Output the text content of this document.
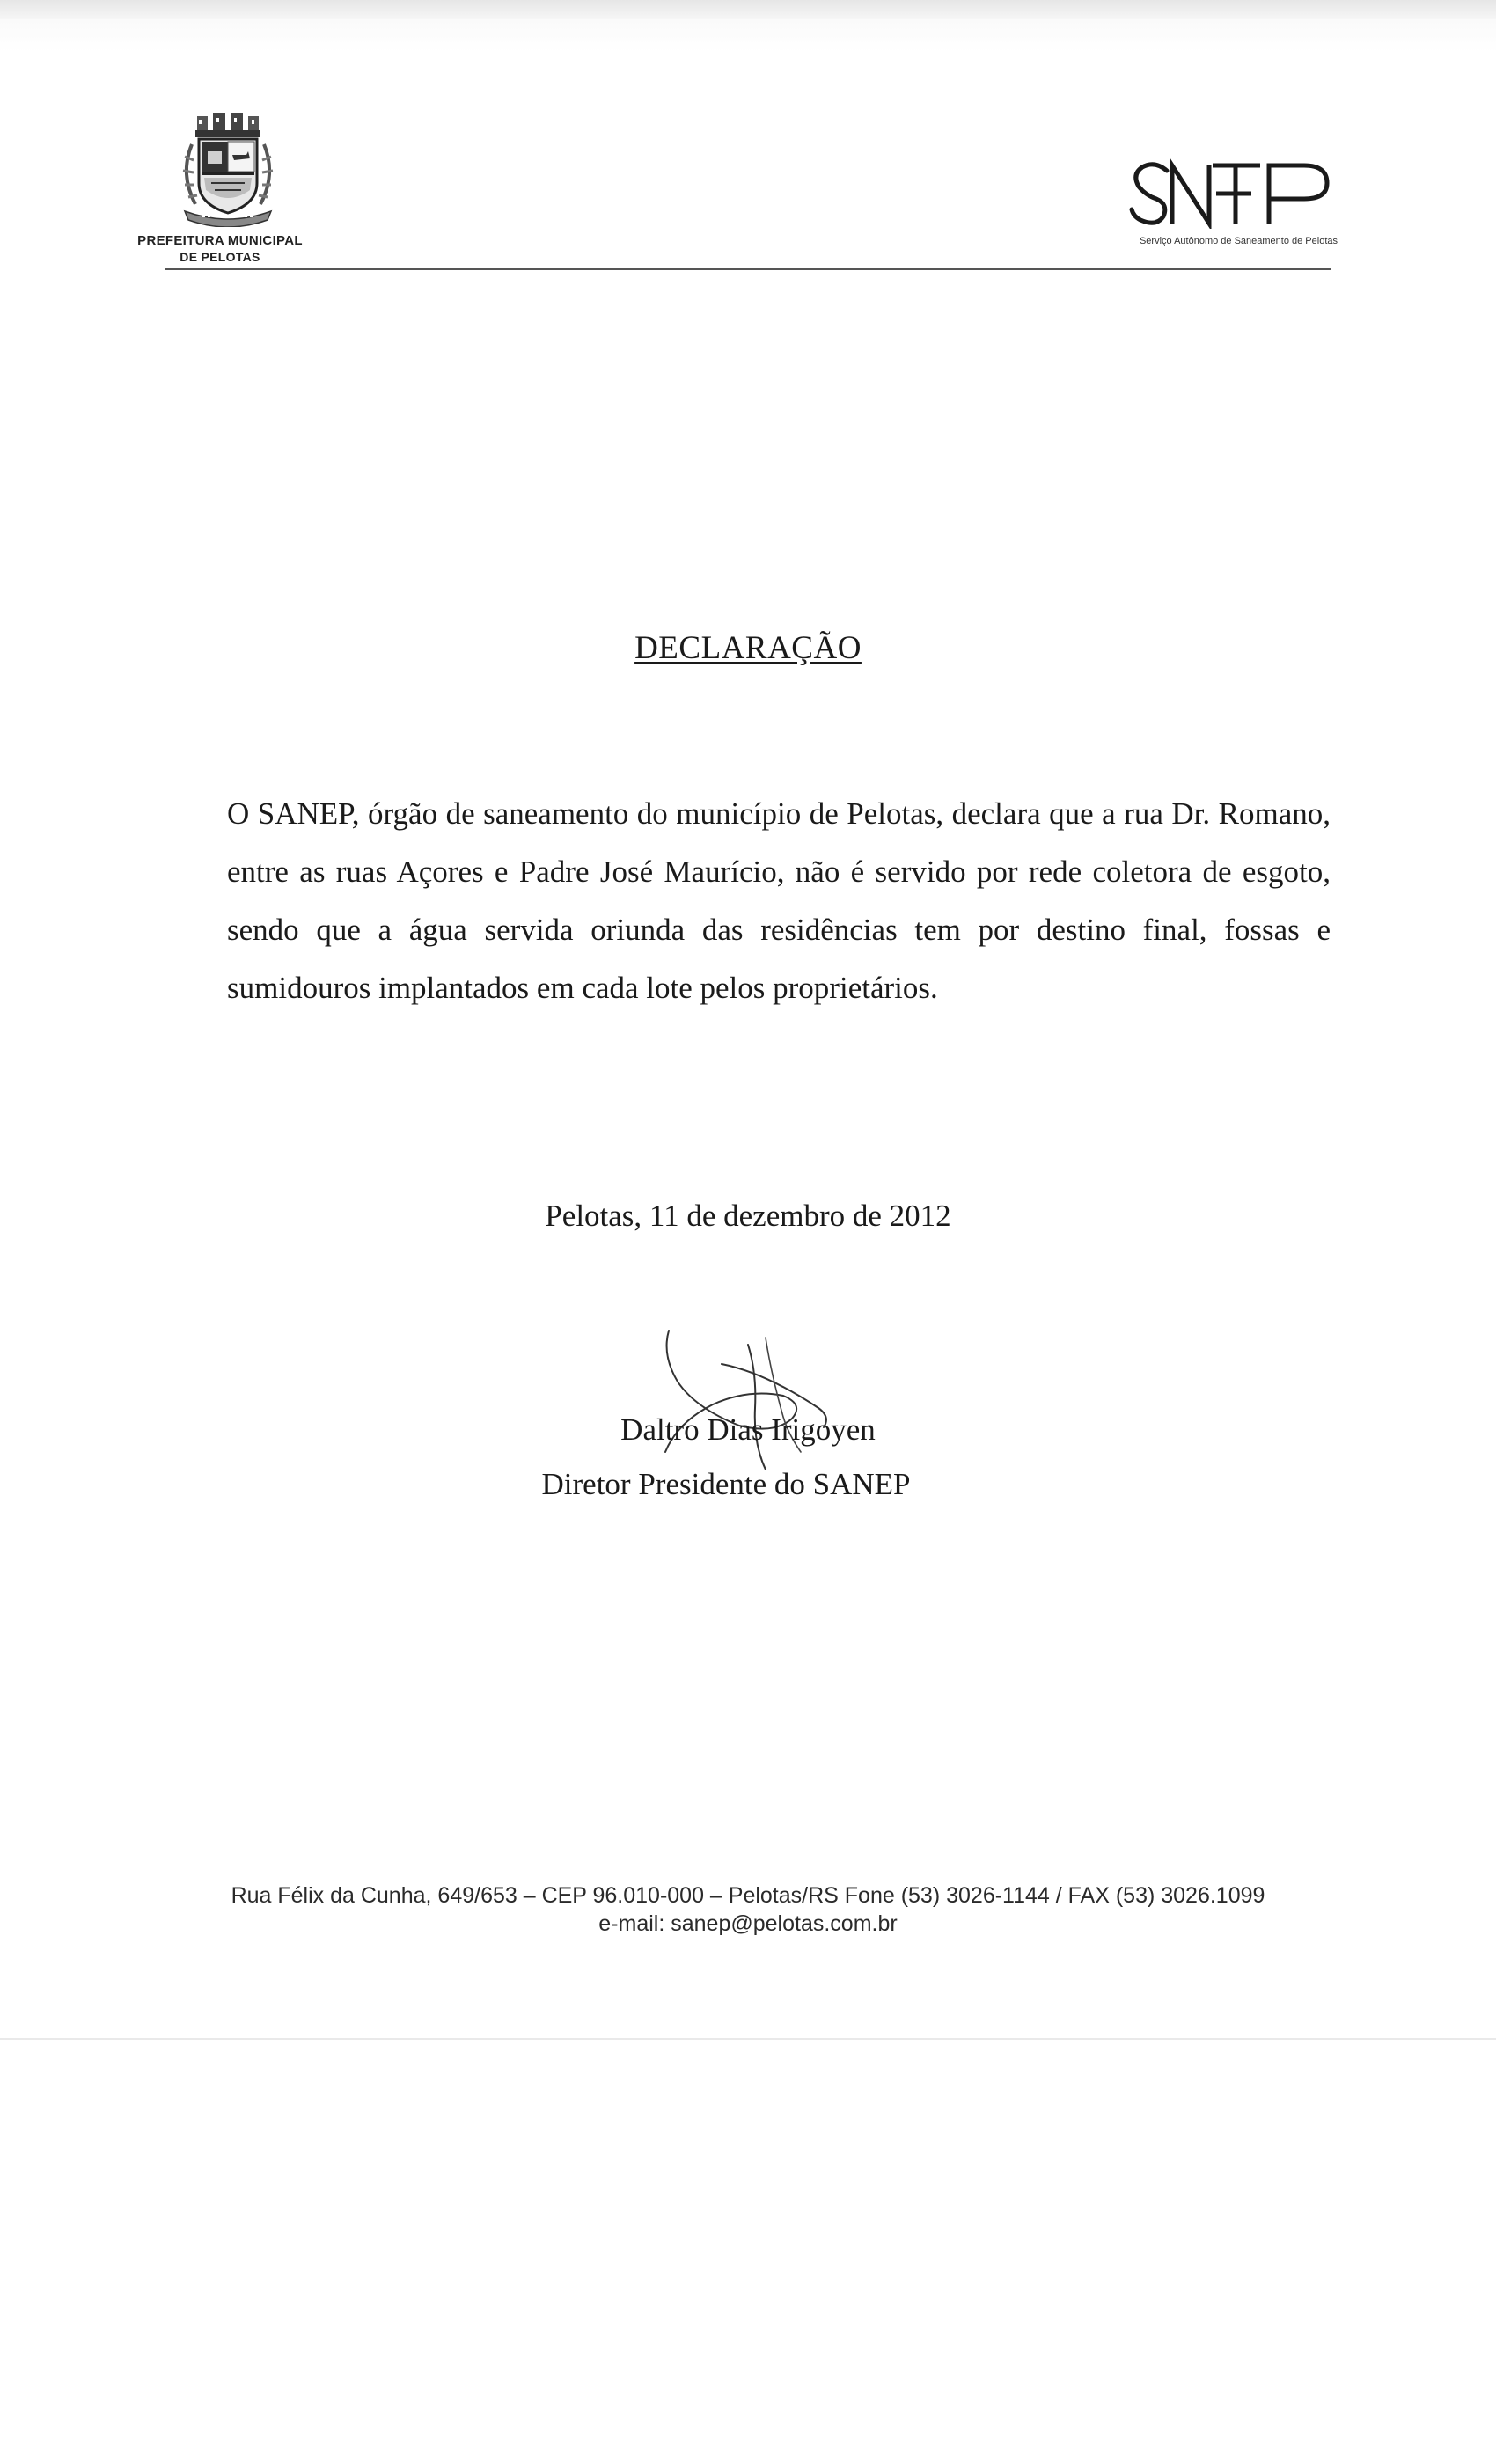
PREFEITURA MUNICIPAL
DE PELOTAS
Serviço Autônomo de Saneamento de Pelotas
DECLARAÇÃO

O SANEP, órgão de saneamento do município de Pelotas, declara que a rua Dr. Romano, entre as ruas Açores e Padre José Maurício, não é servido por rede coletora de esgoto, sendo que a água servida oriunda das residências tem por destino final, fossas e sumidouros implantados em cada lote pelos proprietários.

Pelotas, 11 de dezembro de 2012
Daltro Dias Irigoyen
Diretor Presidente do SANEP
Rua Félix da Cunha, 649/653 – CEP 96.010-000 – Pelotas/RS Fone (53) 3026-1144 / FAX (53) 3026.1099
e-mail: sanep@pelotas.com.br
